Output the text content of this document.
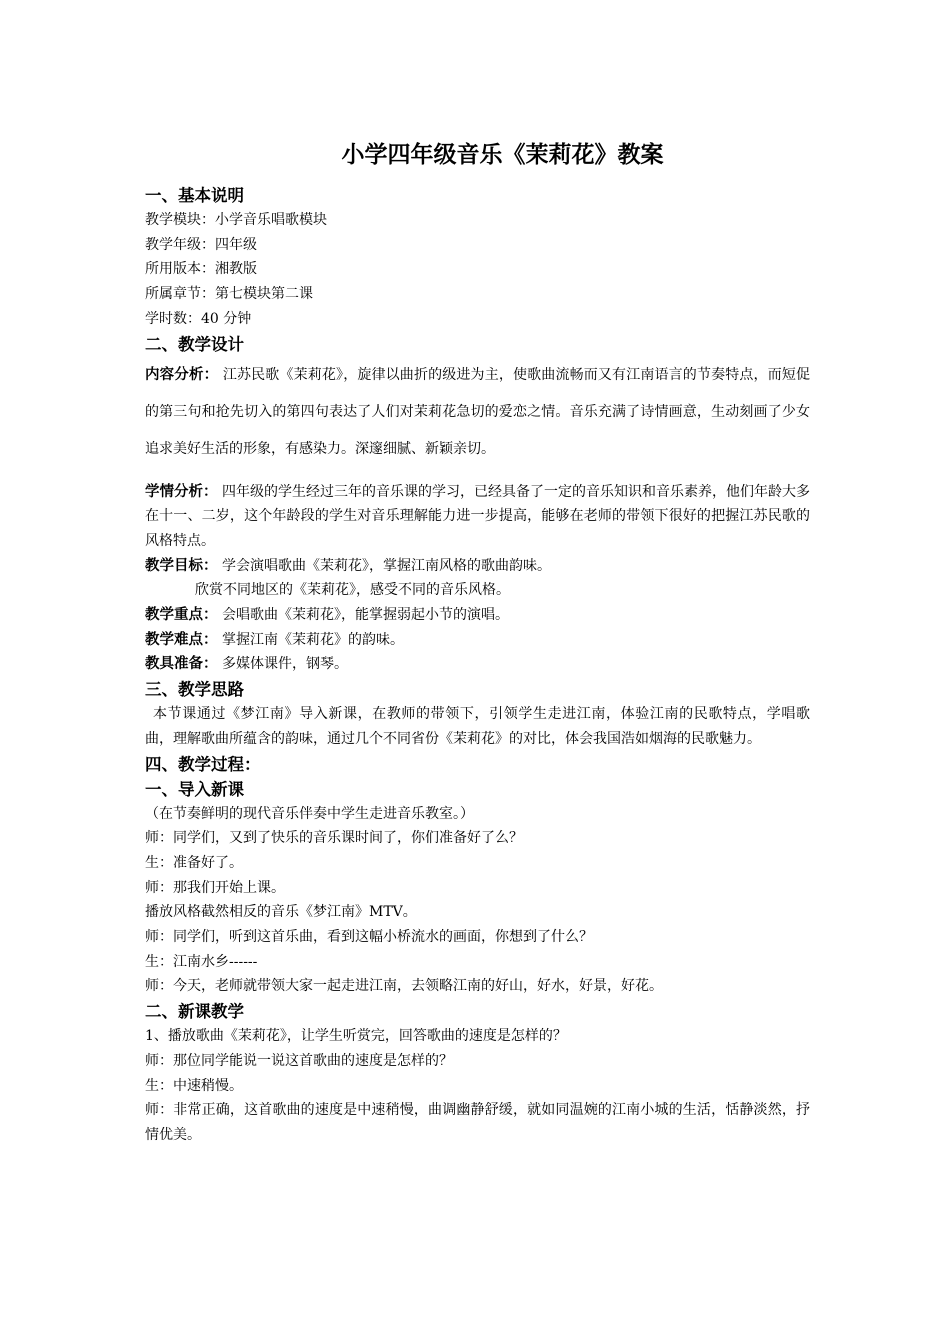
小学四年级音乐《茉莉花》教案
一、基本说明
教学模块：小学音乐唱歌模块
教学年级：四年级
所用版本：湘教版
所属章节：第七模块第二课
学时数：40 分钟
二、教学设计
内容分析： 江苏民歌《茉莉花》，旋律以曲折的级进为主，使歌曲流畅而又有江南语言的节奏特点，而短促的第三句和抢先切入的第四句表达了人们对茉莉花急切的爱恋之情。音乐充满了诗情画意，生动刻画了少女追求美好生活的形象，有感染力。深邃细腻、新颖亲切。
学情分析： 四年级的学生经过三年的音乐课的学习，已经具备了一定的音乐知识和音乐素养，他们年龄大多在十一、二岁，这个年龄段的学生对音乐理解能力进一步提高，能够在老师的带领下很好的把握江苏民歌的风格特点。
教学目标： 学会演唱歌曲《茉莉花》，掌握江南风格的歌曲韵味。
欣赏不同地区的《茉莉花》，感受不同的音乐风格。
教学重点： 会唱歌曲《茉莉花》，能掌握弱起小节的演唱。
教学难点： 掌握江南《茉莉花》的韵味。
教具准备： 多媒体课件，钢琴。
三、教学思路
本节课通过《梦江南》导入新课，在教师的带领下，引领学生走进江南，体验江南的民歌特点，学唱歌曲，理解歌曲所蕴含的韵味，通过几个不同省份《茉莉花》的对比，体会我国浩如烟海的民歌魅力。
四、教学过程：
一、导入新课
（在节奏鲜明的现代音乐伴奏中学生走进音乐教室。）
师：同学们，又到了快乐的音乐课时间了，你们准备好了么？
生：准备好了。
师：那我们开始上课。
播放风格截然相反的音乐《梦江南》MTV。
师：同学们，听到这首乐曲，看到这幅小桥流水的画面，你想到了什么？
生：江南水乡------
师：今天，老师就带领大家一起走进江南，去领略江南的好山，好水，好景，好花。
二、新课教学
1、播放歌曲《茉莉花》，让学生听赏完，回答歌曲的速度是怎样的？
师：那位同学能说一说这首歌曲的速度是怎样的？
生：中速稍慢。
师：非常正确，这首歌曲的速度是中速稍慢，曲调幽静舒缓，就如同温婉的江南小城的生活，恬静淡然，抒情优美。
